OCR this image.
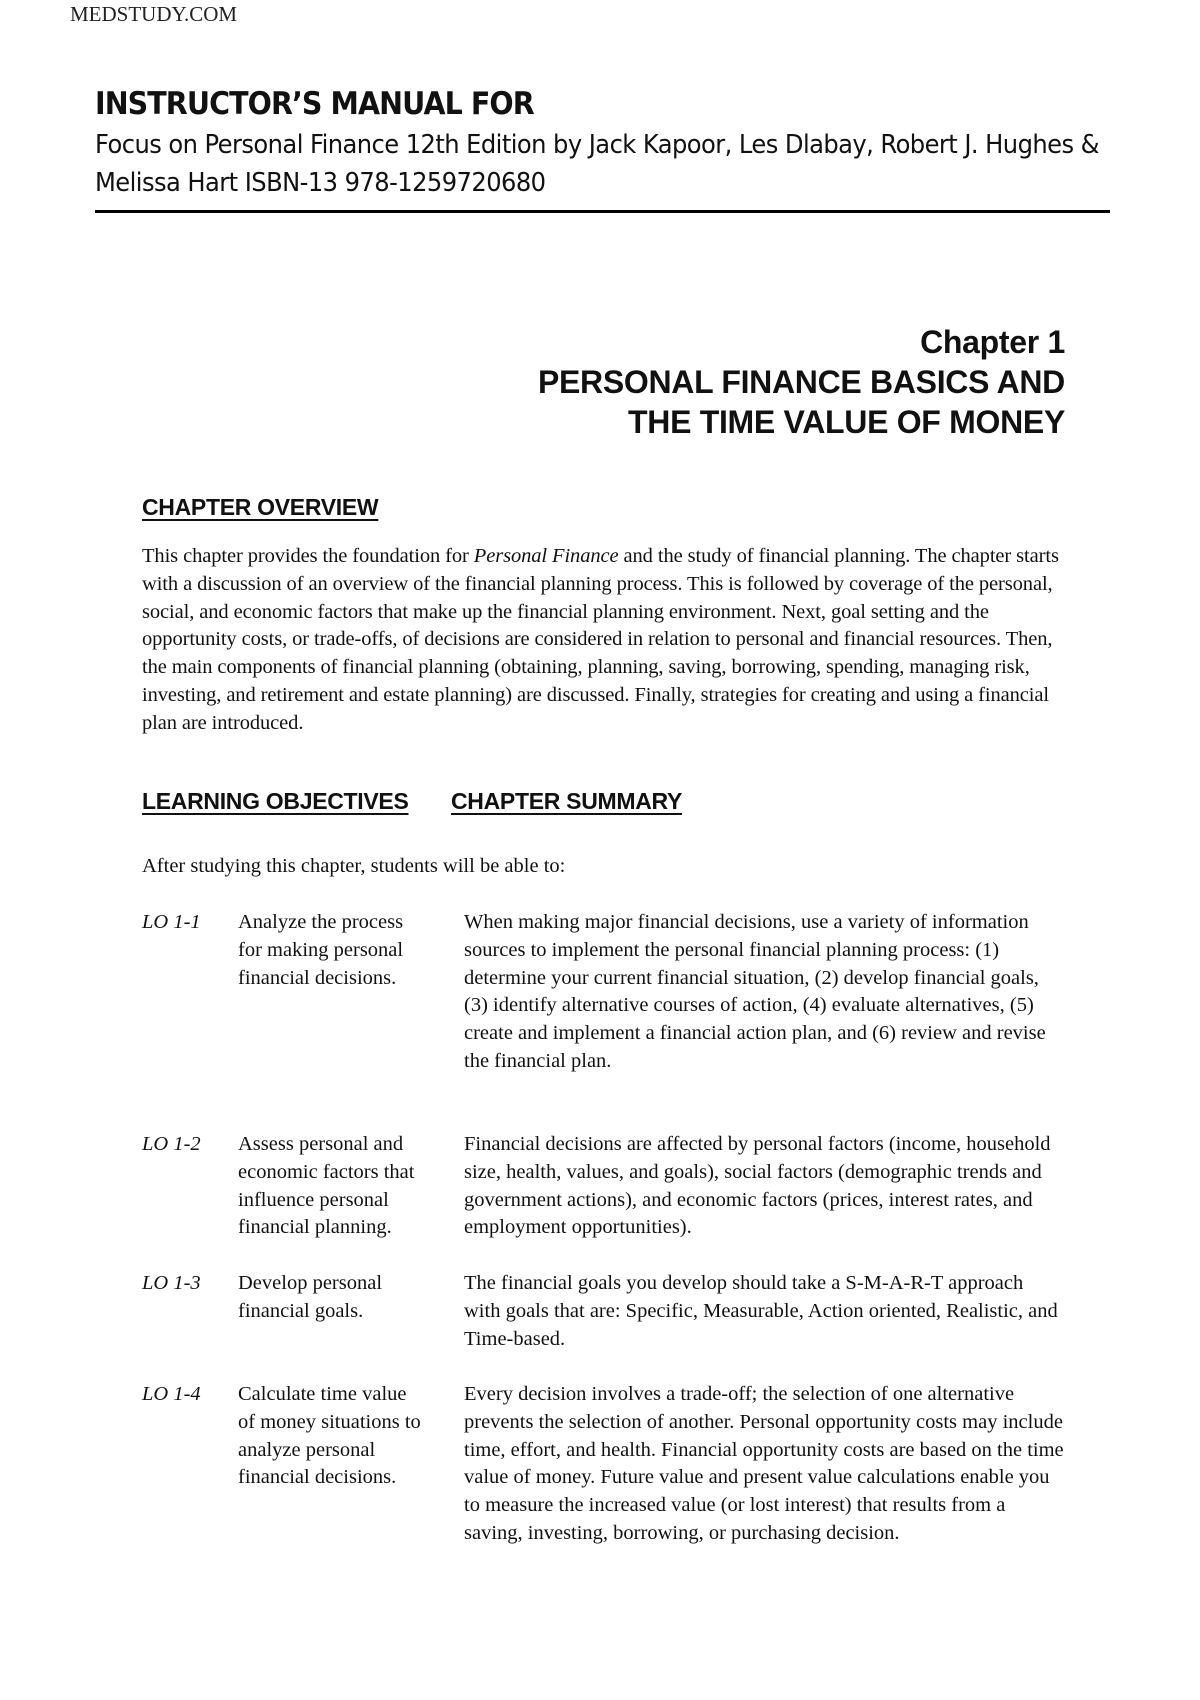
MEDSTUDY.COM
INSTRUCTOR’S MANUAL FOR
Focus on Personal Finance 12th Edition by Jack Kapoor, Les Dlabay, Robert J. Hughes & Melissa Hart ISBN-13 978-1259720680
Chapter 1
PERSONAL FINANCE BASICS AND
THE TIME VALUE OF MONEY
CHAPTER OVERVIEW
This chapter provides the foundation for Personal Finance and the study of financial planning. The chapter starts with a discussion of an overview of the financial planning process. This is followed by coverage of the personal, social, and economic factors that make up the financial planning environment. Next, goal setting and the opportunity costs, or trade-offs, of decisions are considered in relation to personal and financial resources. Then, the main components of financial planning (obtaining, planning, saving, borrowing, spending, managing risk, investing, and retirement and estate planning) are discussed. Finally, strategies for creating and using a financial plan are introduced.
LEARNING OBJECTIVES CHAPTER SUMMARY
After studying this chapter, students will be able to:
LO 1-1 Analyze the process for making personal financial decisions.
When making major financial decisions, use a variety of information sources to implement the personal financial planning process: (1) determine your current financial situation, (2) develop financial goals, (3) identify alternative courses of action, (4) evaluate alternatives, (5) create and implement a financial action plan, and (6) review and revise the financial plan.
LO 1-2 Assess personal and economic factors that influence personal financial planning.
Financial decisions are affected by personal factors (income, household size, health, values, and goals), social factors (demographic trends and government actions), and economic factors (prices, interest rates, and employment opportunities).
LO 1-3 Develop personal financial goals.
The financial goals you develop should take a S-M-A-R-T approach with goals that are: Specific, Measurable, Action oriented, Realistic, and Time-based.
LO 1-4 Calculate time value of money situations to analyze personal financial decisions.
Every decision involves a trade-off; the selection of one alternative prevents the selection of another. Personal opportunity costs may include time, effort, and health. Financial opportunity costs are based on the time value of money. Future value and present value calculations enable you to measure the increased value (or lost interest) that results from a saving, investing, borrowing, or purchasing decision.
